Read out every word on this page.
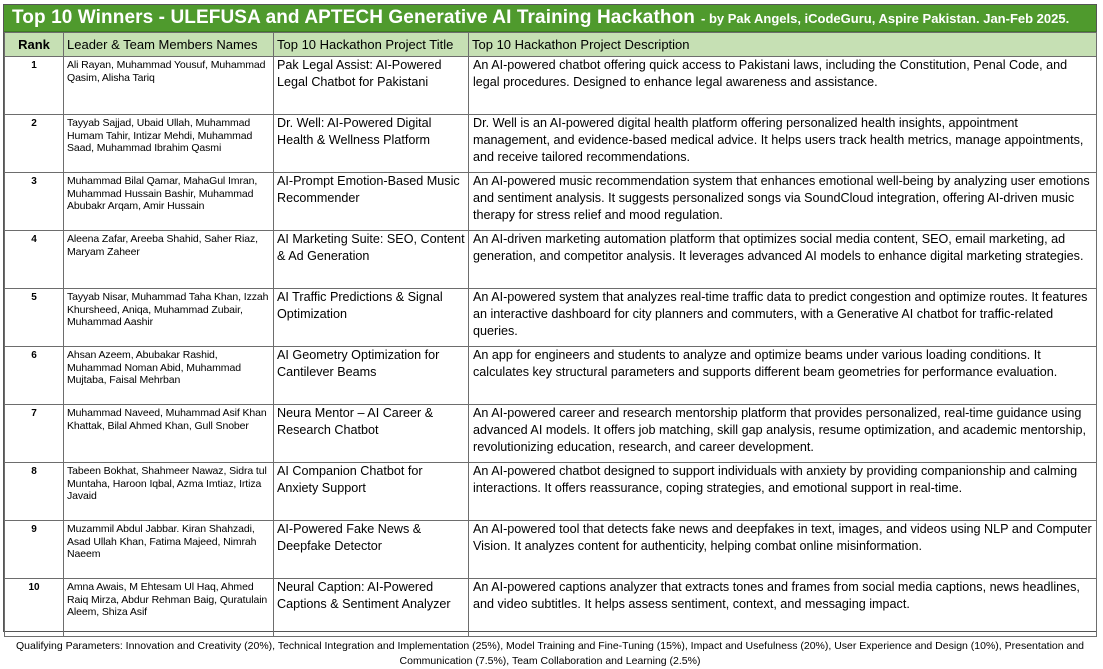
Top 10 Winners - ULEFUSA and APTECH Generative AI Training Hackathon - by Pak Angels, iCodeGuru, Aspire Pakistan. Jan-Feb 2025.
Rank	Leader & Team Members Names	Top 10 Hackathon Project Title	Top 10 Hackathon Project Description
1	Ali Rayan, Muhammad Yousuf, Muhammad Qasim, Alisha Tariq	Pak Legal Assist: AI-Powered Legal Chatbot for Pakistani	An AI-powered chatbot offering quick access to Pakistani laws, including the Constitution, Penal Code, and legal procedures. Designed to enhance legal awareness and assistance.
2	Tayyab Sajjad, Ubaid Ullah, Muhammad Humam Tahir, Intizar Mehdi, Muhammad Saad, Muhammad Ibrahim Qasmi	Dr. Well: AI-Powered Digital Health & Wellness Platform	Dr. Well is an AI-powered digital health platform offering personalized health insights, appointment management, and evidence-based medical advice. It helps users track health metrics, manage appointments, and receive tailored recommendations.
3	Muhammad Bilal Qamar, MahaGul Imran, Muhammad Hussain Bashir, Muhammad Abubakr Arqam, Amir Hussain	AI-Prompt Emotion-Based Music Recommender	An AI-powered music recommendation system that enhances emotional well-being by analyzing user emotions and sentiment analysis. It suggests personalized songs via SoundCloud integration, offering AI-driven music therapy for stress relief and mood regulation.
4	Aleena Zafar, Areeba Shahid, Saher Riaz, Maryam Zaheer	AI Marketing Suite: SEO, Content & Ad Generation	An AI-driven marketing automation platform that optimizes social media content, SEO, email marketing, ad generation, and competitor analysis. It leverages advanced AI models to enhance digital marketing strategies.
5	Tayyab Nisar, Muhammad Taha Khan, Izzah Khursheed, Aniqa, Muhammad Zubair, Muhammad Aashir	AI Traffic Predictions & Signal Optimization	An AI-powered system that analyzes real-time traffic data to predict congestion and optimize routes. It features an interactive dashboard for city planners and commuters, with a Generative AI chatbot for traffic-related queries.
6	Ahsan Azeem, Abubakar Rashid, Muhammad Noman Abid, Muhammad Mujtaba, Faisal Mehrban	AI Geometry Optimization for Cantilever Beams	An app for engineers and students to analyze and optimize beams under various loading conditions. It calculates key structural parameters and supports different beam geometries for performance evaluation.
7	Muhammad Naveed, Muhammad Asif Khan Khattak, Bilal Ahmed Khan, Gull Snober	Neura Mentor – AI Career & Research Chatbot	An AI-powered career and research mentorship platform that provides personalized, real-time guidance using advanced AI models. It offers job matching, skill gap analysis, resume optimization, and academic mentorship, revolutionizing education, research, and career development.
8	Tabeen Bokhat, Shahmeer Nawaz, Sidra tul Muntaha, Haroon Iqbal, Azma Imtiaz, Irtiza Javaid	AI Companion Chatbot for Anxiety Support	An AI-powered chatbot designed to support individuals with anxiety by providing companionship and calming interactions. It offers reassurance, coping strategies, and emotional support in real-time.
9	Muzammil Abdul Jabbar. Kiran Shahzadi, Asad Ullah Khan, Fatima Majeed, Nimrah Naeem	AI-Powered Fake News & Deepfake Detector	An AI-powered tool that detects fake news and deepfakes in text, images, and videos using NLP and Computer Vision. It analyzes content for authenticity, helping combat online misinformation.
10	Amna Awais, M Ehtesam Ul Haq, Ahmed Raiq Mirza, Abdur Rehman Baig, Quratulain Aleem, Shiza Asif	Neural Caption: AI-Powered Captions & Sentiment Analyzer	An AI-powered captions analyzer that extracts tones and frames from social media captions, news headlines, and video subtitles. It helps assess sentiment, context, and messaging impact.
Qualifying Parameters: Innovation and Creativity (20%), Technical Integration and Implementation (25%), Model Training and Fine-Tuning (15%), Impact and Usefulness (20%), User Experience and Design (10%), Presentation and Communication (7.5%), Team Collaboration and Learning (2.5%)
